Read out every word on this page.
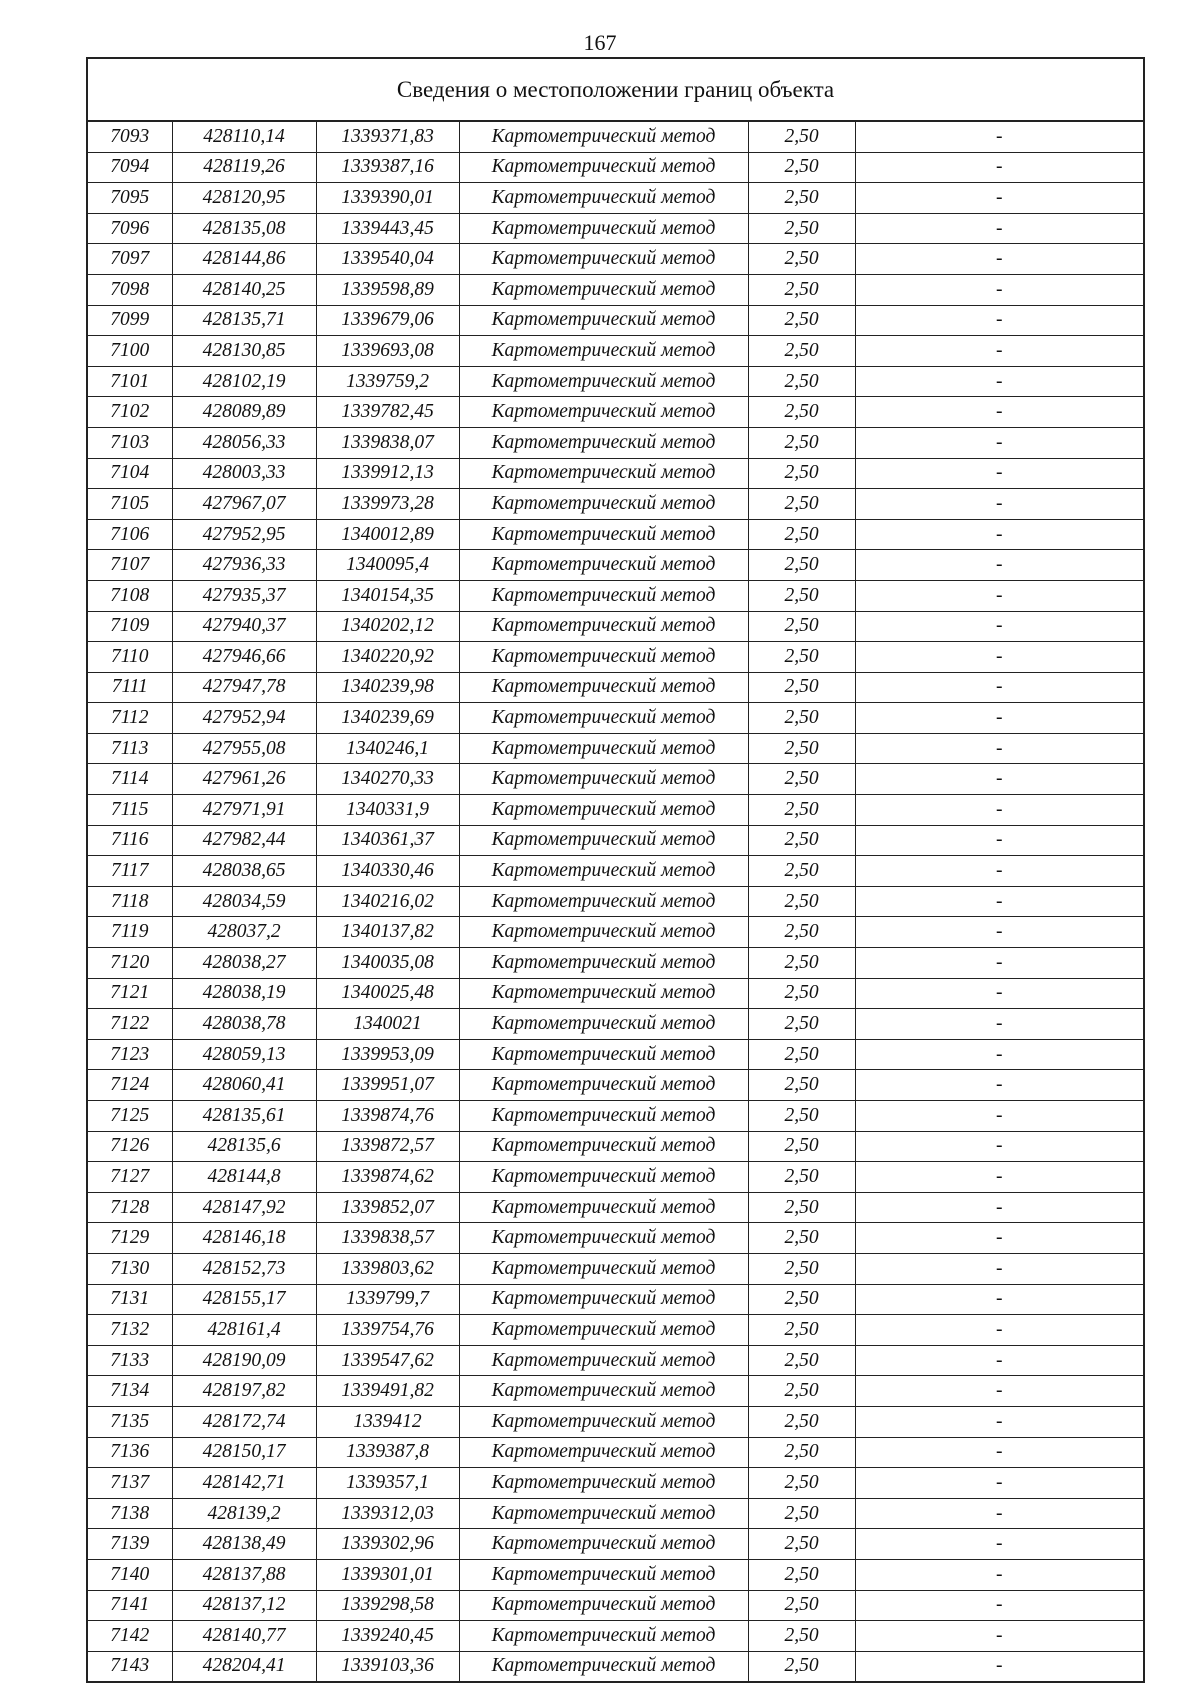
167
Сведения о местоположении границ объекта
7093	428110,14	1339371,83	Картометрический метод	2,50	-
7094	428119,26	1339387,16	Картометрический метод	2,50	-
7095	428120,95	1339390,01	Картометрический метод	2,50	-
7096	428135,08	1339443,45	Картометрический метод	2,50	-
7097	428144,86	1339540,04	Картометрический метод	2,50	-
7098	428140,25	1339598,89	Картометрический метод	2,50	-
7099	428135,71	1339679,06	Картометрический метод	2,50	-
7100	428130,85	1339693,08	Картометрический метод	2,50	-
7101	428102,19	1339759,2	Картометрический метод	2,50	-
7102	428089,89	1339782,45	Картометрический метод	2,50	-
7103	428056,33	1339838,07	Картометрический метод	2,50	-
7104	428003,33	1339912,13	Картометрический метод	2,50	-
7105	427967,07	1339973,28	Картометрический метод	2,50	-
7106	427952,95	1340012,89	Картометрический метод	2,50	-
7107	427936,33	1340095,4	Картометрический метод	2,50	-
7108	427935,37	1340154,35	Картометрический метод	2,50	-
7109	427940,37	1340202,12	Картометрический метод	2,50	-
7110	427946,66	1340220,92	Картометрический метод	2,50	-
7111	427947,78	1340239,98	Картометрический метод	2,50	-
7112	427952,94	1340239,69	Картометрический метод	2,50	-
7113	427955,08	1340246,1	Картометрический метод	2,50	-
7114	427961,26	1340270,33	Картометрический метод	2,50	-
7115	427971,91	1340331,9	Картометрический метод	2,50	-
7116	427982,44	1340361,37	Картометрический метод	2,50	-
7117	428038,65	1340330,46	Картометрический метод	2,50	-
7118	428034,59	1340216,02	Картометрический метод	2,50	-
7119	428037,2	1340137,82	Картометрический метод	2,50	-
7120	428038,27	1340035,08	Картометрический метод	2,50	-
7121	428038,19	1340025,48	Картометрический метод	2,50	-
7122	428038,78	1340021	Картометрический метод	2,50	-
7123	428059,13	1339953,09	Картометрический метод	2,50	-
7124	428060,41	1339951,07	Картометрический метод	2,50	-
7125	428135,61	1339874,76	Картометрический метод	2,50	-
7126	428135,6	1339872,57	Картометрический метод	2,50	-
7127	428144,8	1339874,62	Картометрический метод	2,50	-
7128	428147,92	1339852,07	Картометрический метод	2,50	-
7129	428146,18	1339838,57	Картометрический метод	2,50	-
7130	428152,73	1339803,62	Картометрический метод	2,50	-
7131	428155,17	1339799,7	Картометрический метод	2,50	-
7132	428161,4	1339754,76	Картометрический метод	2,50	-
7133	428190,09	1339547,62	Картометрический метод	2,50	-
7134	428197,82	1339491,82	Картометрический метод	2,50	-
7135	428172,74	1339412	Картометрический метод	2,50	-
7136	428150,17	1339387,8	Картометрический метод	2,50	-
7137	428142,71	1339357,1	Картометрический метод	2,50	-
7138	428139,2	1339312,03	Картометрический метод	2,50	-
7139	428138,49	1339302,96	Картометрический метод	2,50	-
7140	428137,88	1339301,01	Картометрический метод	2,50	-
7141	428137,12	1339298,58	Картометрический метод	2,50	-
7142	428140,77	1339240,45	Картометрический метод	2,50	-
7143	428204,41	1339103,36	Картометрический метод	2,50	-
